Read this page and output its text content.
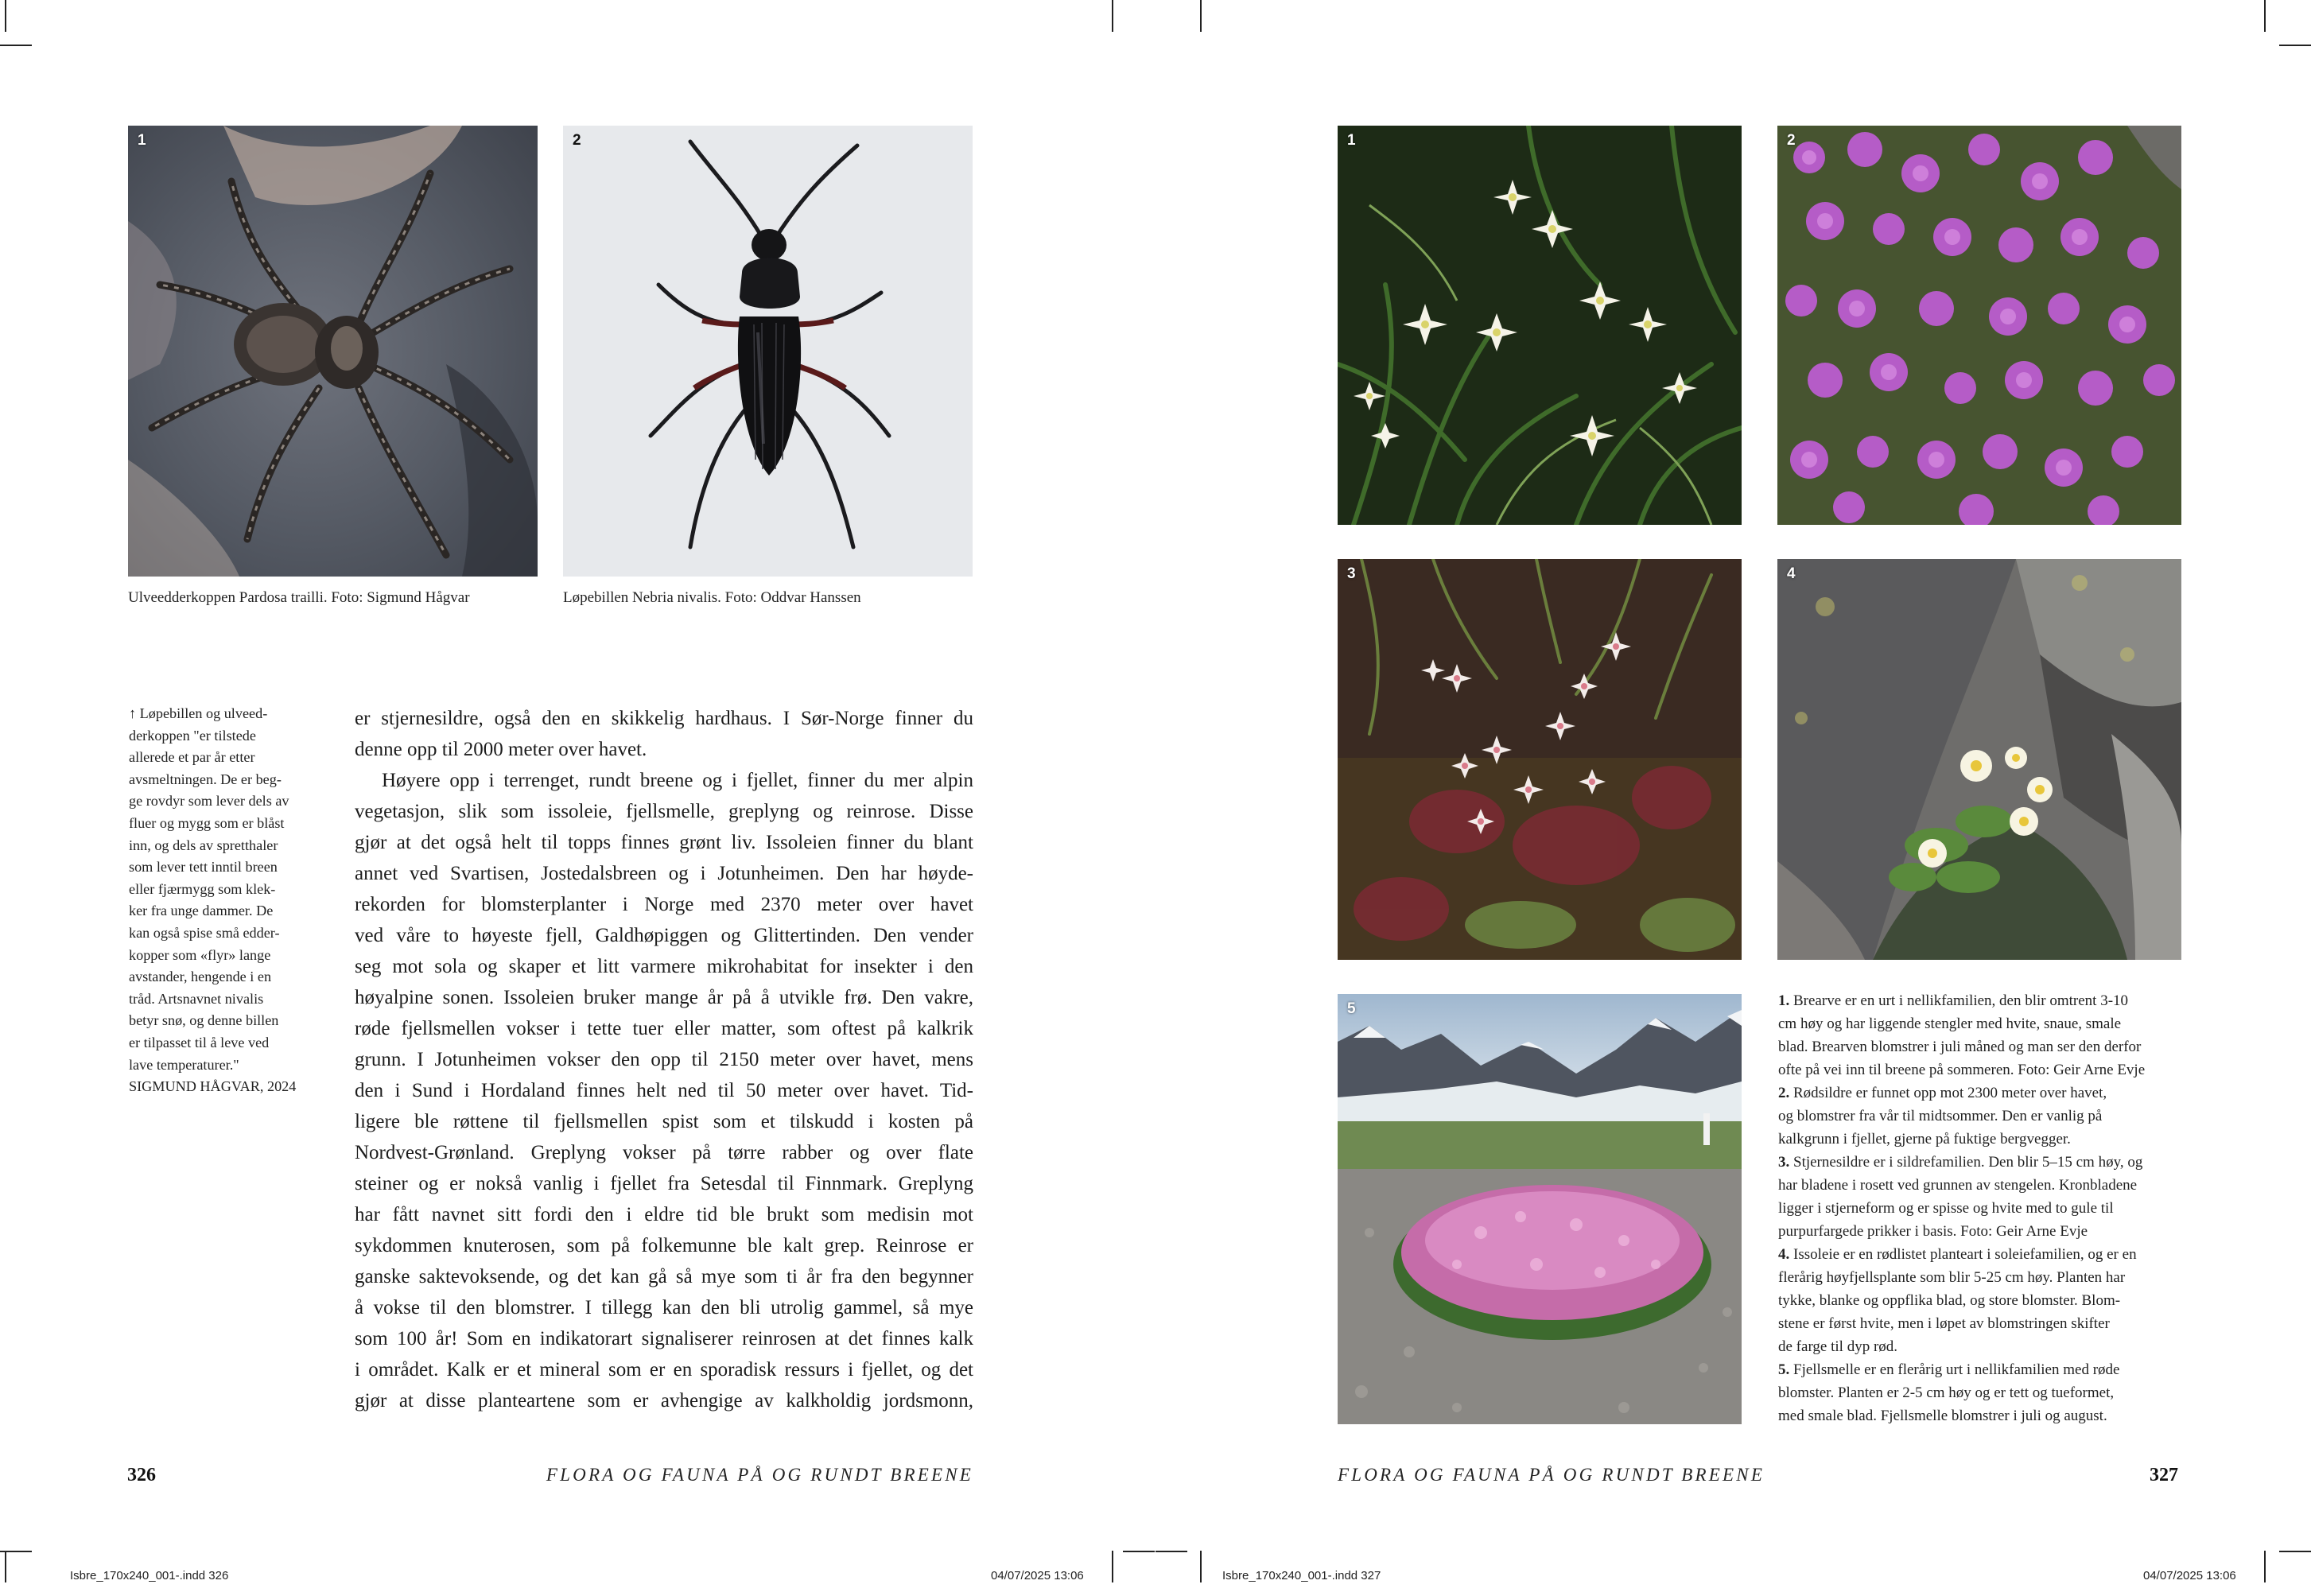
1	2
Ulveedderkoppen Pardosa trailli. Foto: Sigmund Hågvar	Løpebillen Nebria nivalis. Foto: Oddvar Hanssen
↑ Løpebillen og ulveed-
derkoppen "er tilstede
allerede et par år etter
avsmeltningen. De er beg-
ge rovdyr som lever dels av
fluer og mygg som er blåst
inn, og dels av spretthaler
som lever tett inntil breen
eller fjærmygg som klek-
ker fra unge dammer. De
kan også spise små edder-
kopper som «flyr» lange
avstander, hengende i en
tråd. Artsnavnet nivalis
betyr snø, og denne billen
er tilpasset til å leve ved
lave temperaturer."
SIGMUND HÅGVAR, 2024
er stjernesildre, også den en skikkelig hardhaus. I Sør-Norge finner du
denne opp til 2000 meter over havet.
Høyere opp i terrenget, rundt breene og i fjellet, finner du mer alpin
vegetasjon, slik som issoleie, fjellsmelle, greplyng og reinrose. Disse
gjør at det også helt til topps finnes grønt liv. Issoleien finner du blant
annet ved Svartisen, Jostedalsbreen og i Jotunheimen. Den har høyde-
rekorden for blomsterplanter i Norge med 2370 meter over havet
ved våre to høyeste fjell, Galdhøpiggen og Glittertinden. Den vender
seg mot sola og skaper et litt varmere mikrohabitat for insekter i den
høyalpine sonen. Issoleien bruker mange år på å utvikle frø. Den vakre,
røde fjellsmellen vokser i tette tuer eller matter, som oftest på kalkrik
grunn. I Jotunheimen vokser den opp til 2150 meter over havet, mens
den i Sund i Hordaland finnes helt ned til 50 meter over havet. Tid-
ligere ble røttene til fjellsmellen spist som et tilskudd i kosten på
Nordvest-Grønland. Greplyng vokser på tørre rabber og over flate
steiner og er nokså vanlig i fjellet fra Setesdal til Finnmark. Greplyng
har fått navnet sitt fordi den i eldre tid ble brukt som medisin mot
sykdommen knuterosen, som på folkemunne ble kalt grep. Reinrose er
ganske saktevoksende, og det kan gå så mye som ti år fra den begynner
å vokse til den blomstrer. I tillegg kan den bli utrolig gammel, så mye
som 100 år! Som en indikatorart signaliserer reinrosen at det finnes kalk
i området. Kalk er et mineral som er en sporadisk ressurs i fjellet, og det
gjør at disse planteartene som er avhengige av kalkholdig jordsmonn,
326	FLORA OG FAUNA PÅ OG RUNDT BREENE
Isbre_170x240_001-.indd 326	04/07/2025 13:06
1	2
3	4
5	1. Brearve er en urt i nellikfamilien, den blir omtrent 3-10
cm høy og har liggende stengler med hvite, snaue, smale
blad. Brearven blomstrer i juli måned og man ser den derfor
ofte på vei inn til breene på sommeren. Foto: Geir Arne Evje
2. Rødsildre er funnet opp mot 2300 meter over havet,
og blomstrer fra vår til midtsommer. Den er vanlig på
kalkgrunn i fjellet, gjerne på fuktige bergvegger.
3. Stjernesildre er i sildrefamilien. Den blir 5–15 cm høy, og
har bladene i rosett ved grunnen av stengelen. Kronbladene
ligger i stjerneform og er spisse og hvite med to gule til
purpurfargede prikker i basis. Foto: Geir Arne Evje
4. Issoleie er en rødlistet planteart i soleiefamilien, og er en
flerårig høyfjellsplante som blir 5-25 cm høy. Planten har
tykke, blanke og oppflika blad, og store blomster. Blom-
stene er først hvite, men i løpet av blomstringen skifter
de farge til dyp rød.
5. Fjellsmelle er en flerårig urt i nellikfamilien med røde
blomster. Planten er 2-5 cm høy og er tett og tueformet,
med smale blad. Fjellsmelle blomstrer i juli og august.
FLORA OG FAUNA PÅ OG RUNDT BREENE	327
Isbre_170x240_001-.indd 327	04/07/2025 13:06
